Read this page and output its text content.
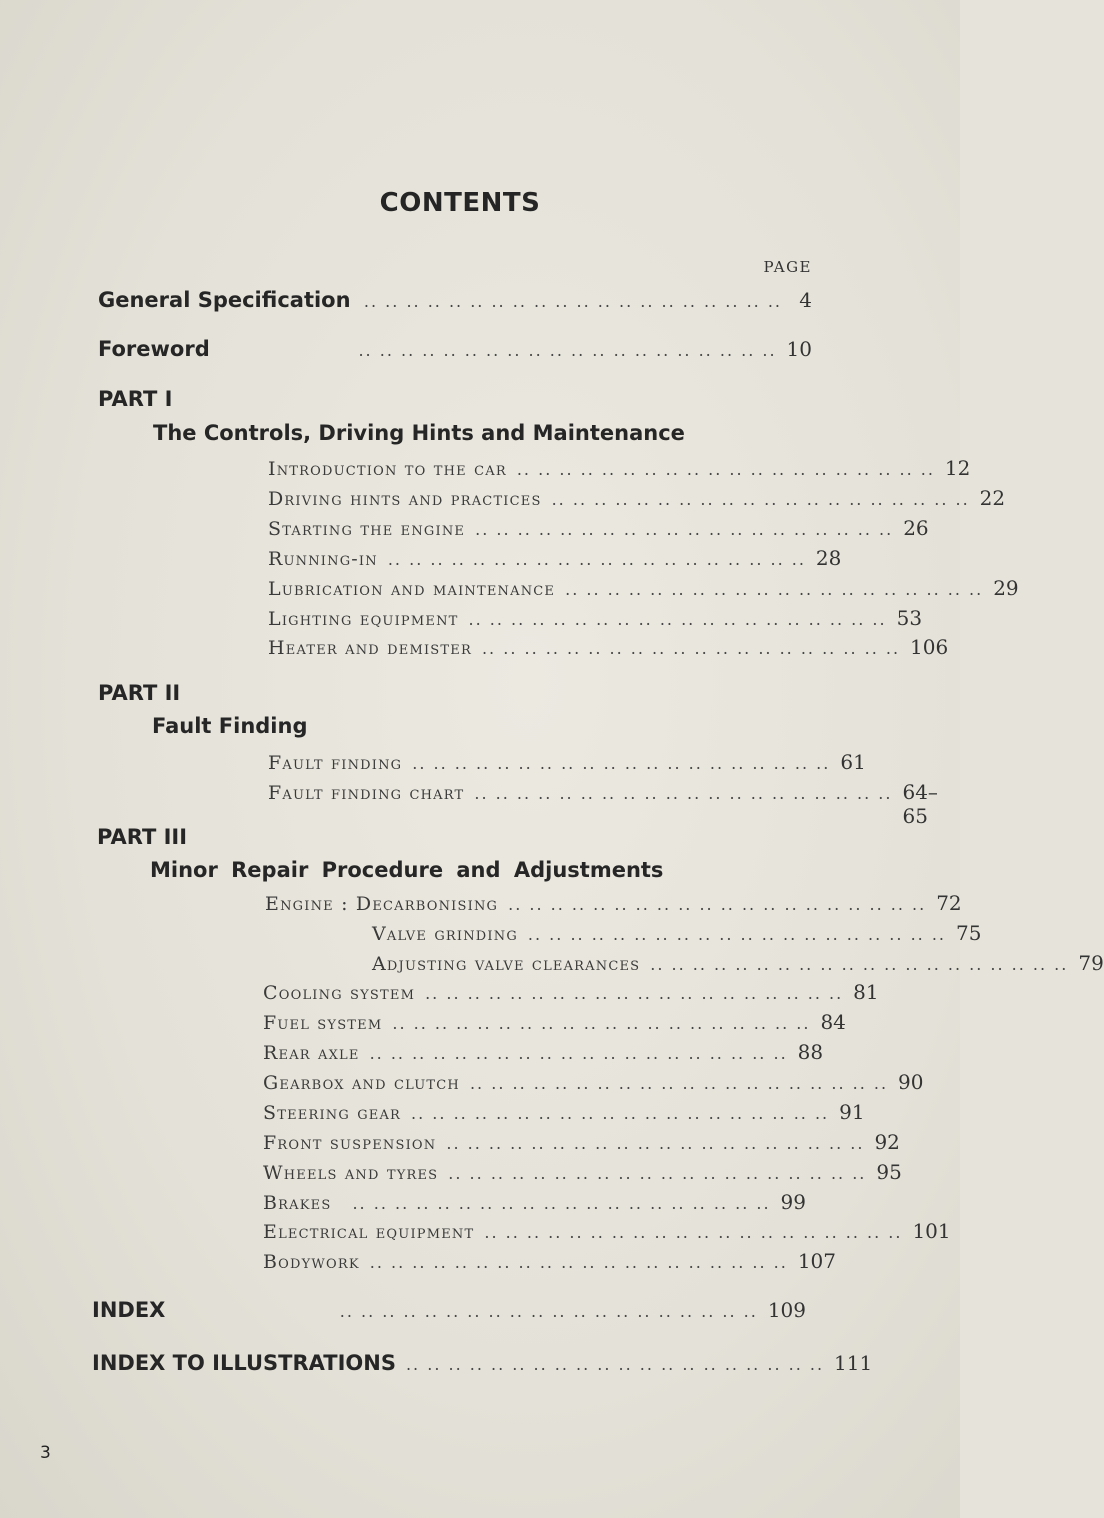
CONTENTS
PAGE
General Specification .. .. .. .. .. .. .. .. .. .. .. .. .. .. .. .. .. .. .. .. 4
Foreword	.. .. .. .. .. .. .. .. .. .. .. .. .. .. .. .. .. .. .. .. 10
PART I
The Controls, Driving Hints and Maintenance
Introduction to the car .. .. .. .. .. .. .. .. .. .. .. .. .. .. .. .. .. .. .. .. 12
Driving hints and practices .. .. .. .. .. .. .. .. .. .. .. .. .. .. .. .. .. .. .. .. 22
Starting the engine .. .. .. .. .. .. .. .. .. .. .. .. .. .. .. .. .. .. .. .. 26
Running-in .. .. .. .. .. .. .. .. .. .. .. .. .. .. .. .. .. .. .. .. 28
Lubrication and maintenance .. .. .. .. .. .. .. .. .. .. .. .. .. .. .. .. .. .. .. .. 29
Lighting equipment .. .. .. .. .. .. .. .. .. .. .. .. .. .. .. .. .. .. .. .. 53
Heater and demister .. .. .. .. .. .. .. .. .. .. .. .. .. .. .. .. .. .. .. .. 106
PART II
Fault Finding
Fault finding .. .. .. .. .. .. .. .. .. .. .. .. .. .. .. .. .. .. .. .. 61
Fault finding chart .. .. .. .. .. .. .. .. .. .. .. .. .. .. .. .. .. .. .. .. 64–65
PART III
Minor Repair Procedure and Adjustments
Engine : Decarbonising .. .. .. .. .. .. .. .. .. .. .. .. .. .. .. .. .. .. .. .. 72
Valve grinding .. .. .. .. .. .. .. .. .. .. .. .. .. .. .. .. .. .. .. .. 75
Adjusting valve clearances .. .. .. .. .. .. .. .. .. .. .. .. .. .. .. .. .. .. .. .. 79
Cooling system .. .. .. .. .. .. .. .. .. .. .. .. .. .. .. .. .. .. .. .. 81
Fuel system .. .. .. .. .. .. .. .. .. .. .. .. .. .. .. .. .. .. .. .. 84
Rear axle .. .. .. .. .. .. .. .. .. .. .. .. .. .. .. .. .. .. .. .. 88
Gearbox and clutch .. .. .. .. .. .. .. .. .. .. .. .. .. .. .. .. .. .. .. .. 90
Steering gear .. .. .. .. .. .. .. .. .. .. .. .. .. .. .. .. .. .. .. .. 91
Front suspension .. .. .. .. .. .. .. .. .. .. .. .. .. .. .. .. .. .. .. .. 92
Wheels and tyres .. .. .. .. .. .. .. .. .. .. .. .. .. .. .. .. .. .. .. .. 95
Brakes	.. .. .. .. .. .. .. .. .. .. .. .. .. .. .. .. .. .. .. .. 99
Electrical equipment .. .. .. .. .. .. .. .. .. .. .. .. .. .. .. .. .. .. .. .. 101
Bodywork .. .. .. .. .. .. .. .. .. .. .. .. .. .. .. .. .. .. .. .. 107
INDEX	.. .. .. .. .. .. .. .. .. .. .. .. .. .. .. .. .. .. .. .. 109
INDEX TO ILLUSTRATIONS .. .. .. .. .. .. .. .. .. .. .. .. .. .. .. .. .. .. .. .. 111
3
